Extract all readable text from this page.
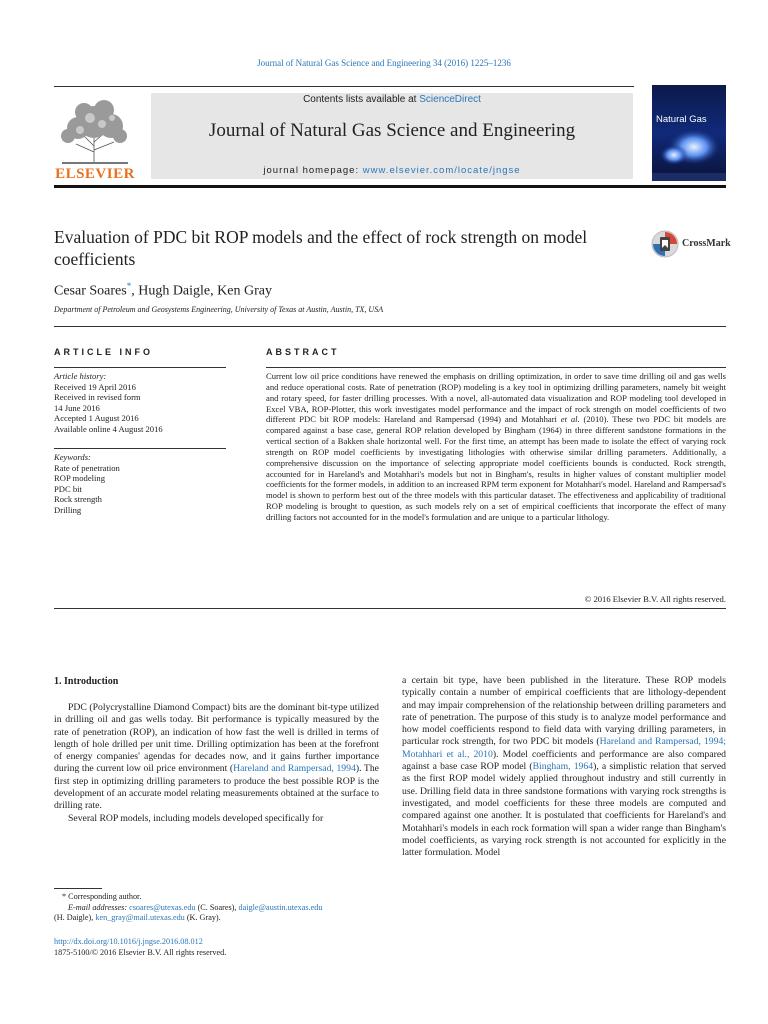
Journal of Natural Gas Science and Engineering 34 (2016) 1225–1236
ELSEVIER
Contents lists available at ScienceDirect
Journal of Natural Gas Science and Engineering
journal homepage: www.elsevier.com/locate/jngse
Natural Gas
Evaluation of PDC bit ROP models and the effect of rock strength on model coefficients
CrossMark
Cesar Soares*, Hugh Daigle, Ken Gray
Department of Petroleum and Geosystems Engineering, University of Texas at Austin, Austin, TX, USA
ARTICLE INFO	ABSTRACT
Article history:
Received 19 April 2016
Received in revised form
14 June 2016
Accepted 1 August 2016
Available online 4 August 2016
Keywords:
Rate of penetration
ROP modeling
PDC bit
Rock strength
Drilling
Current low oil price conditions have renewed the emphasis on drilling optimization, in order to save time drilling oil and gas wells and reduce operational costs. Rate of penetration (ROP) modeling is a key tool in optimizing drilling parameters, namely bit weight and rotary speed, for faster drilling processes. With a novel, all-automated data visualization and ROP modeling tool developed in Excel VBA, ROP-Plotter, this work investigates model performance and the impact of rock strength on model coefficients of two different PDC bit ROP models: Hareland and Rampersad (1994) and Motahhari et al. (2010). These two PDC bit models are compared against a base case, general ROP relation developed by Bingham (1964) in three different sandstone formations in the vertical section of a Bakken shale horizontal well. For the first time, an attempt has been made to isolate the effect of varying rock strength on ROP model coefficients by investigating lithologies with otherwise similar drilling parameters. Additionally, a comprehensive discussion on the importance of selecting appropriate model coefficients bounds is conducted. Rock strength, accounted for in Hareland's and Motahhari's models but not in Bingham's, results in higher values of constant multiplier model coefficients for the former models, in addition to an increased RPM term exponent for Motahhari's model. Hareland and Rampersad's model is shown to perform best out of the three models with this particular dataset. The effectiveness and applicability of traditional ROP modeling is brought to question, as such models rely on a set of empirical coefficients that incorporate the effect of many drilling factors not accounted for in the model's formulation and are unique to a particular lithology.
© 2016 Elsevier B.V. All rights reserved.
1. Introduction

PDC (Polycrystalline Diamond Compact) bits are the dominant bit-type utilized in drilling oil and gas wells today. Bit performance is typically measured by the rate of penetration (ROP), an indication of how fast the well is drilled in terms of length of hole drilled per unit time. Drilling optimization has been at the forefront of energy companies' agendas for decades now, and it gains further importance during the current low oil price environment (Hareland and Rampersad, 1994). The first step in optimizing drilling parameters to produce the best possible ROP is the development of an accurate model relating measurements obtained at the surface to drilling rate.

Several ROP models, including models developed specifically for

a certain bit type, have been published in the literature. These ROP models typically contain a number of empirical coefficients that are lithology-dependent and may impair comprehension of the relationship between drilling parameters and rate of penetration. The purpose of this study is to analyze model performance and how model coefficients respond to field data with varying drilling parameters, in particular rock strength, for two PDC bit models (Hareland and Rampersad, 1994; Motahhari et al., 2010). Model coefficients and performance are also compared against a base case ROP model (Bingham, 1964), a simplistic relation that served as the first ROP model widely applied throughout industry and still currently in use. Drilling field data in three sandstone formations with varying rock strengths is investigated, and model coefficients for these three models are computed and compared against one another. It is postulated that coefficients for Hareland's and Motahhari's models in each rock formation will span a wider range than Bingham's model coefficients, as varying rock strength is not accounted for explicitly in the latter formulation. Model

* Corresponding author.
E-mail addresses: csoares@utexas.edu (C. Soares), daigle@austin.utexas.edu
(H. Daigle), ken_gray@mail.utexas.edu (K. Gray).
http://dx.doi.org/10.1016/j.jngse.2016.08.012
1875-5100/© 2016 Elsevier B.V. All rights reserved.
